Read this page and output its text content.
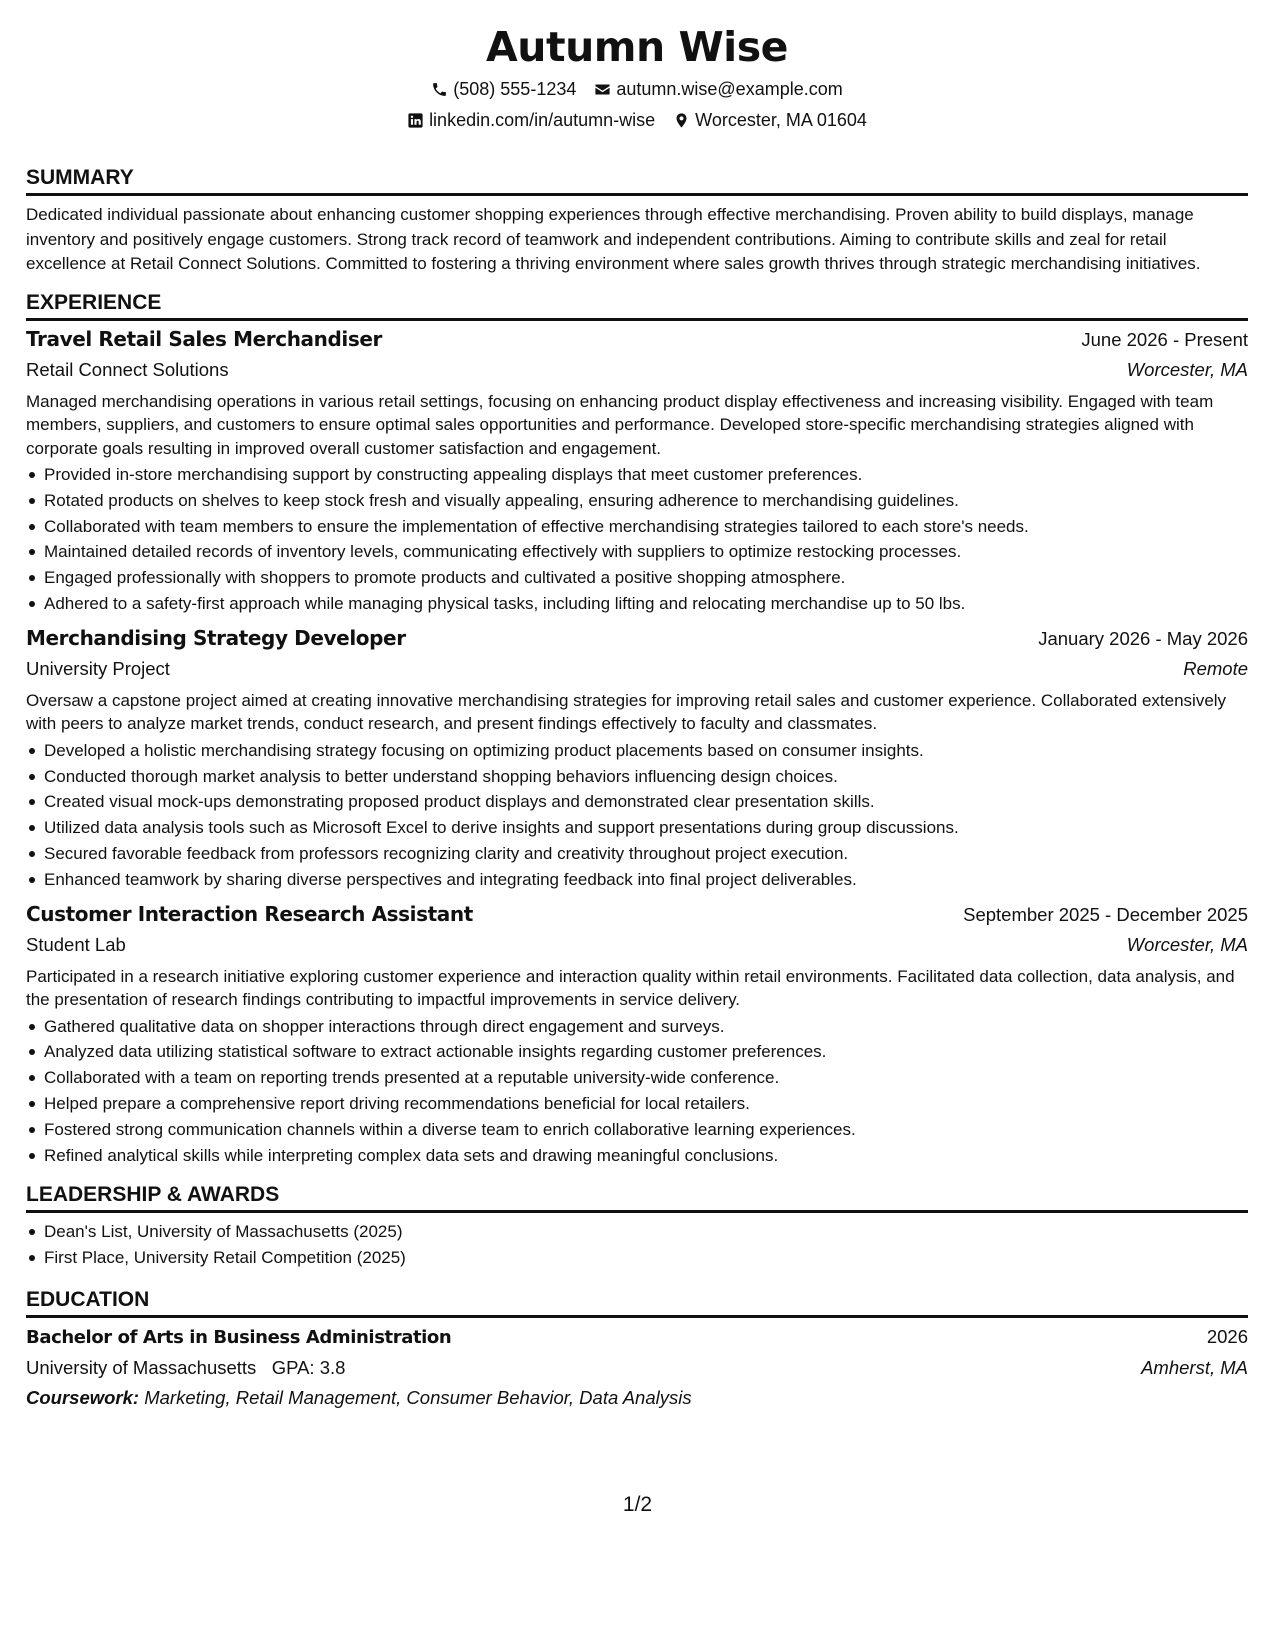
Autumn Wise
(508) 555-1234 autumn.wise@example.com
linkedin.com/in/autumn-wise Worcester, MA 01604
SUMMARY

Dedicated individual passionate about enhancing customer shopping experiences through effective merchandising. Proven ability to build displays, manage inventory and positively engage customers. Strong track record of teamwork and independent contributions. Aiming to contribute skills and zeal for retail excellence at Retail Connect Solutions. Committed to fostering a thriving environment where sales growth thrives through strategic merchandising initiatives.

EXPERIENCE
Travel Retail Sales Merchandiser	June 2026 - Present
Retail Connect Solutions	Worcester, MA

Managed merchandising operations in various retail settings, focusing on enhancing product display effectiveness and increasing visibility. Engaged with team members, suppliers, and customers to ensure optimal sales opportunities and performance. Developed store-specific merchandising strategies aligned with corporate goals resulting in improved overall customer satisfaction and engagement.

Provided in-store merchandising support by constructing appealing displays that meet customer preferences.
Rotated products on shelves to keep stock fresh and visually appealing, ensuring adherence to merchandising guidelines.
Collaborated with team members to ensure the implementation of effective merchandising strategies tailored to each store's needs.
Maintained detailed records of inventory levels, communicating effectively with suppliers to optimize restocking processes.
Engaged professionally with shoppers to promote products and cultivated a positive shopping atmosphere.
Adhered to a safety-first approach while managing physical tasks, including lifting and relocating merchandise up to 50 lbs.
Merchandising Strategy Developer	January 2026 - May 2026
University Project	Remote

Oversaw a capstone project aimed at creating innovative merchandising strategies for improving retail sales and customer experience. Collaborated extensively with peers to analyze market trends, conduct research, and present findings effectively to faculty and classmates.

Developed a holistic merchandising strategy focusing on optimizing product placements based on consumer insights.
Conducted thorough market analysis to better understand shopping behaviors influencing design choices.
Created visual mock-ups demonstrating proposed product displays and demonstrated clear presentation skills.
Utilized data analysis tools such as Microsoft Excel to derive insights and support presentations during group discussions.
Secured favorable feedback from professors recognizing clarity and creativity throughout project execution.
Enhanced teamwork by sharing diverse perspectives and integrating feedback into final project deliverables.
Customer Interaction Research Assistant	September 2025 - December 2025
Student Lab	Worcester, MA

Participated in a research initiative exploring customer experience and interaction quality within retail environments. Facilitated data collection, data analysis, and the presentation of research findings contributing to impactful improvements in service delivery.

Gathered qualitative data on shopper interactions through direct engagement and surveys.
Analyzed data utilizing statistical software to extract actionable insights regarding customer preferences.
Collaborated with a team on reporting trends presented at a reputable university-wide conference.
Helped prepare a comprehensive report driving recommendations beneficial for local retailers.
Fostered strong communication channels within a diverse team to enrich collaborative learning experiences.
Refined analytical skills while interpreting complex data sets and drawing meaningful conclusions.
LEADERSHIP & AWARDS
Dean's List, University of Massachusetts (2025)
First Place, University Retail Competition (2025)
EDUCATION
Bachelor of Arts in Business Administration	2026
University of Massachusetts GPA: 3.8	Amherst, MA
Coursework: Marketing, Retail Management, Consumer Behavior, Data Analysis
1/2
